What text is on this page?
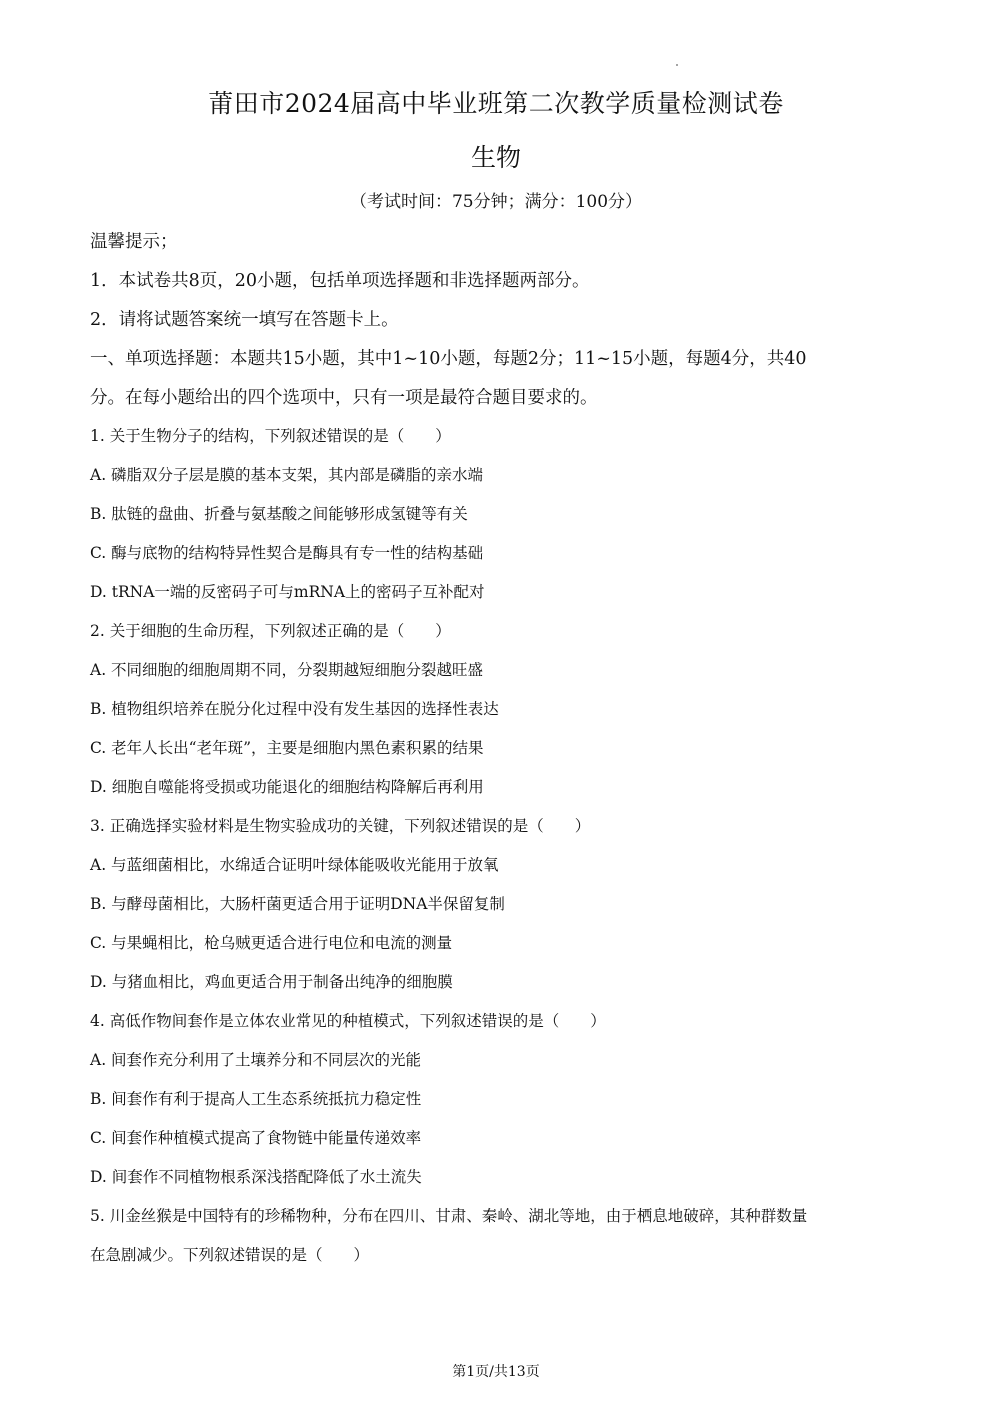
莆田市2024届高中毕业班第二次教学质量检测试卷
生物
（考试时间：75分钟；满分：100分）
温馨提示；
1．本试卷共8页，20小题，包括单项选择题和非选择题两部分。
2．请将试题答案统一填写在答题卡上。
一、单项选择题：本题共15小题，其中1~10小题，每题2分；11~15小题，每题4分，共40
分。在每小题给出的四个选项中，只有一项是最符合题目要求的。
1. 关于生物分子的结构，下列叙述错误的是（　　）
A. 磷脂双分子层是膜的基本支架，其内部是磷脂的亲水端
B. 肽链的盘曲、折叠与氨基酸之间能够形成氢键等有关
C. 酶与底物的结构特异性契合是酶具有专一性的结构基础
D. tRNA一端的反密码子可与mRNA上的密码子互补配对
2. 关于细胞的生命历程，下列叙述正确的是（　　）
A. 不同细胞的细胞周期不同，分裂期越短细胞分裂越旺盛
B. 植物组织培养在脱分化过程中没有发生基因的选择性表达
C. 老年人长出“老年斑”，主要是细胞内黑色素积累的结果
D. 细胞自噬能将受损或功能退化的细胞结构降解后再利用
3. 正确选择实验材料是生物实验成功的关键，下列叙述错误的是（　　）
A. 与蓝细菌相比，水绵适合证明叶绿体能吸收光能用于放氧
B. 与酵母菌相比，大肠杆菌更适合用于证明DNA半保留复制
C. 与果蝇相比，枪乌贼更适合进行电位和电流的测量
D. 与猪血相比，鸡血更适合用于制备出纯净的细胞膜
4. 高低作物间套作是立体农业常见的种植模式，下列叙述错误的是（　　）
A. 间套作充分利用了土壤养分和不同层次的光能
B. 间套作有利于提高人工生态系统抵抗力稳定性
C. 间套作种植模式提高了食物链中能量传递效率
D. 间套作不同植物根系深浅搭配降低了水土流失
5. 川金丝猴是中国特有的珍稀物种，分布在四川、甘肃、秦岭、湖北等地，由于栖息地破碎，其种群数量
在急剧减少。下列叙述错误的是（　　）
第1页/共13页
